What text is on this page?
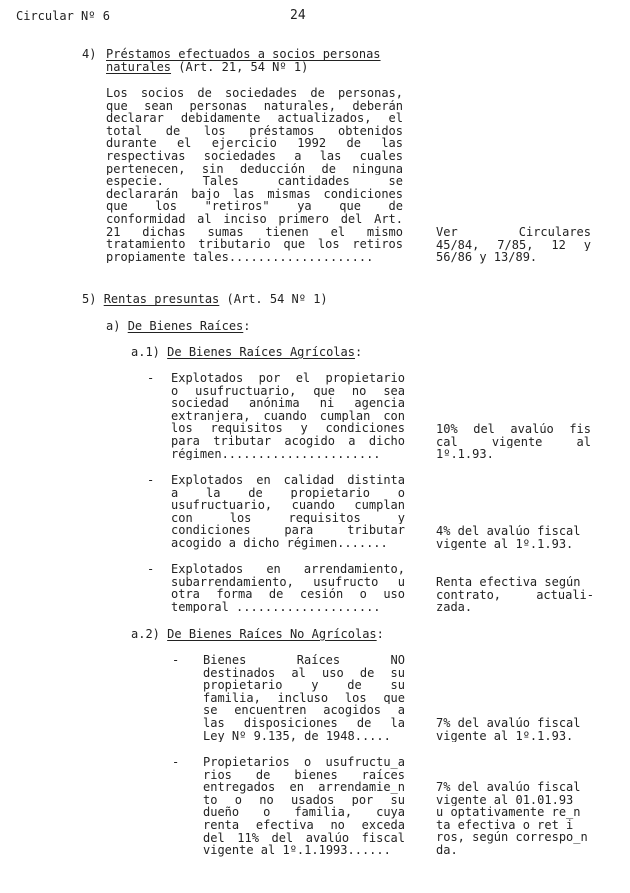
Circular Nº 6	24
4) Préstamos efectuados a socios personas
naturales (Art. 21, 54 Nº 1)
Los socios de sociedades de personas,
que sean personas naturales, deberán
declarar debidamente actualizados, el
total de los préstamos obtenidos
durante el ejercicio 1992 de las
respectivas sociedades a las cuales
pertenecen, sin deducción de ninguna
especie. Tales cantidades se
declararán bajo las mismas condiciones
que los "retiros" ya que de
conformidad al inciso primero del Art.
21 dichas sumas tienen el mismo
tratamiento tributario que los retiros
propiamente tales....................
Ver Circulares
45/84, 7/85, 12 y
56/86 y 13/89.
5) Rentas presuntas (Art. 54 Nº 1)
a) De Bienes Raíces:
a.1) De Bienes Raíces Agrícolas:
- Explotados por el propietario
o usufructuario, que no sea
sociedad anónima ni agencia
extranjera, cuando cumplan con
los requisitos y condiciones
para tributar acogido a dicho
régimen......................
10% del avalúo fis
cal vigente al
1º.1.93.
- Explotados en calidad distinta
a la de propietario o
usufructuario, cuando cumplan
con los requisitos y
condiciones para tributar
acogido a dicho régimen.......
4% del avalúo fiscal
vigente al 1º.1.93.
- Explotados en arrendamiento,
subarrendamiento, usufructo u
otra forma de cesión o uso
temporal ....................
Renta efectiva según
contrato, actuali-
zada.
a.2) De Bienes Raíces No Agrícolas:
- Bienes Raíces NO
destinados al uso de su
propietario y de su
familia, incluso los que
se encuentren acogidos a
las disposiciones de la
Ley Nº 9.135, de 1948.....
7% del avalúo fiscal
vigente al 1º.1.93.
- Propietarios o usufructu_a
rios de bienes raíces
entregados en arrendamie_n
to o no usados por su
dueño o familia, cuya
renta efectiva no exceda
del 11% del avalúo fiscal
vigente al 1º.1.1993......
7% del avalúo fiscal
vigente al 01.01.93
u optativamente re_n
ta efectiva o ret_i
ros, según correspo_n
da.
